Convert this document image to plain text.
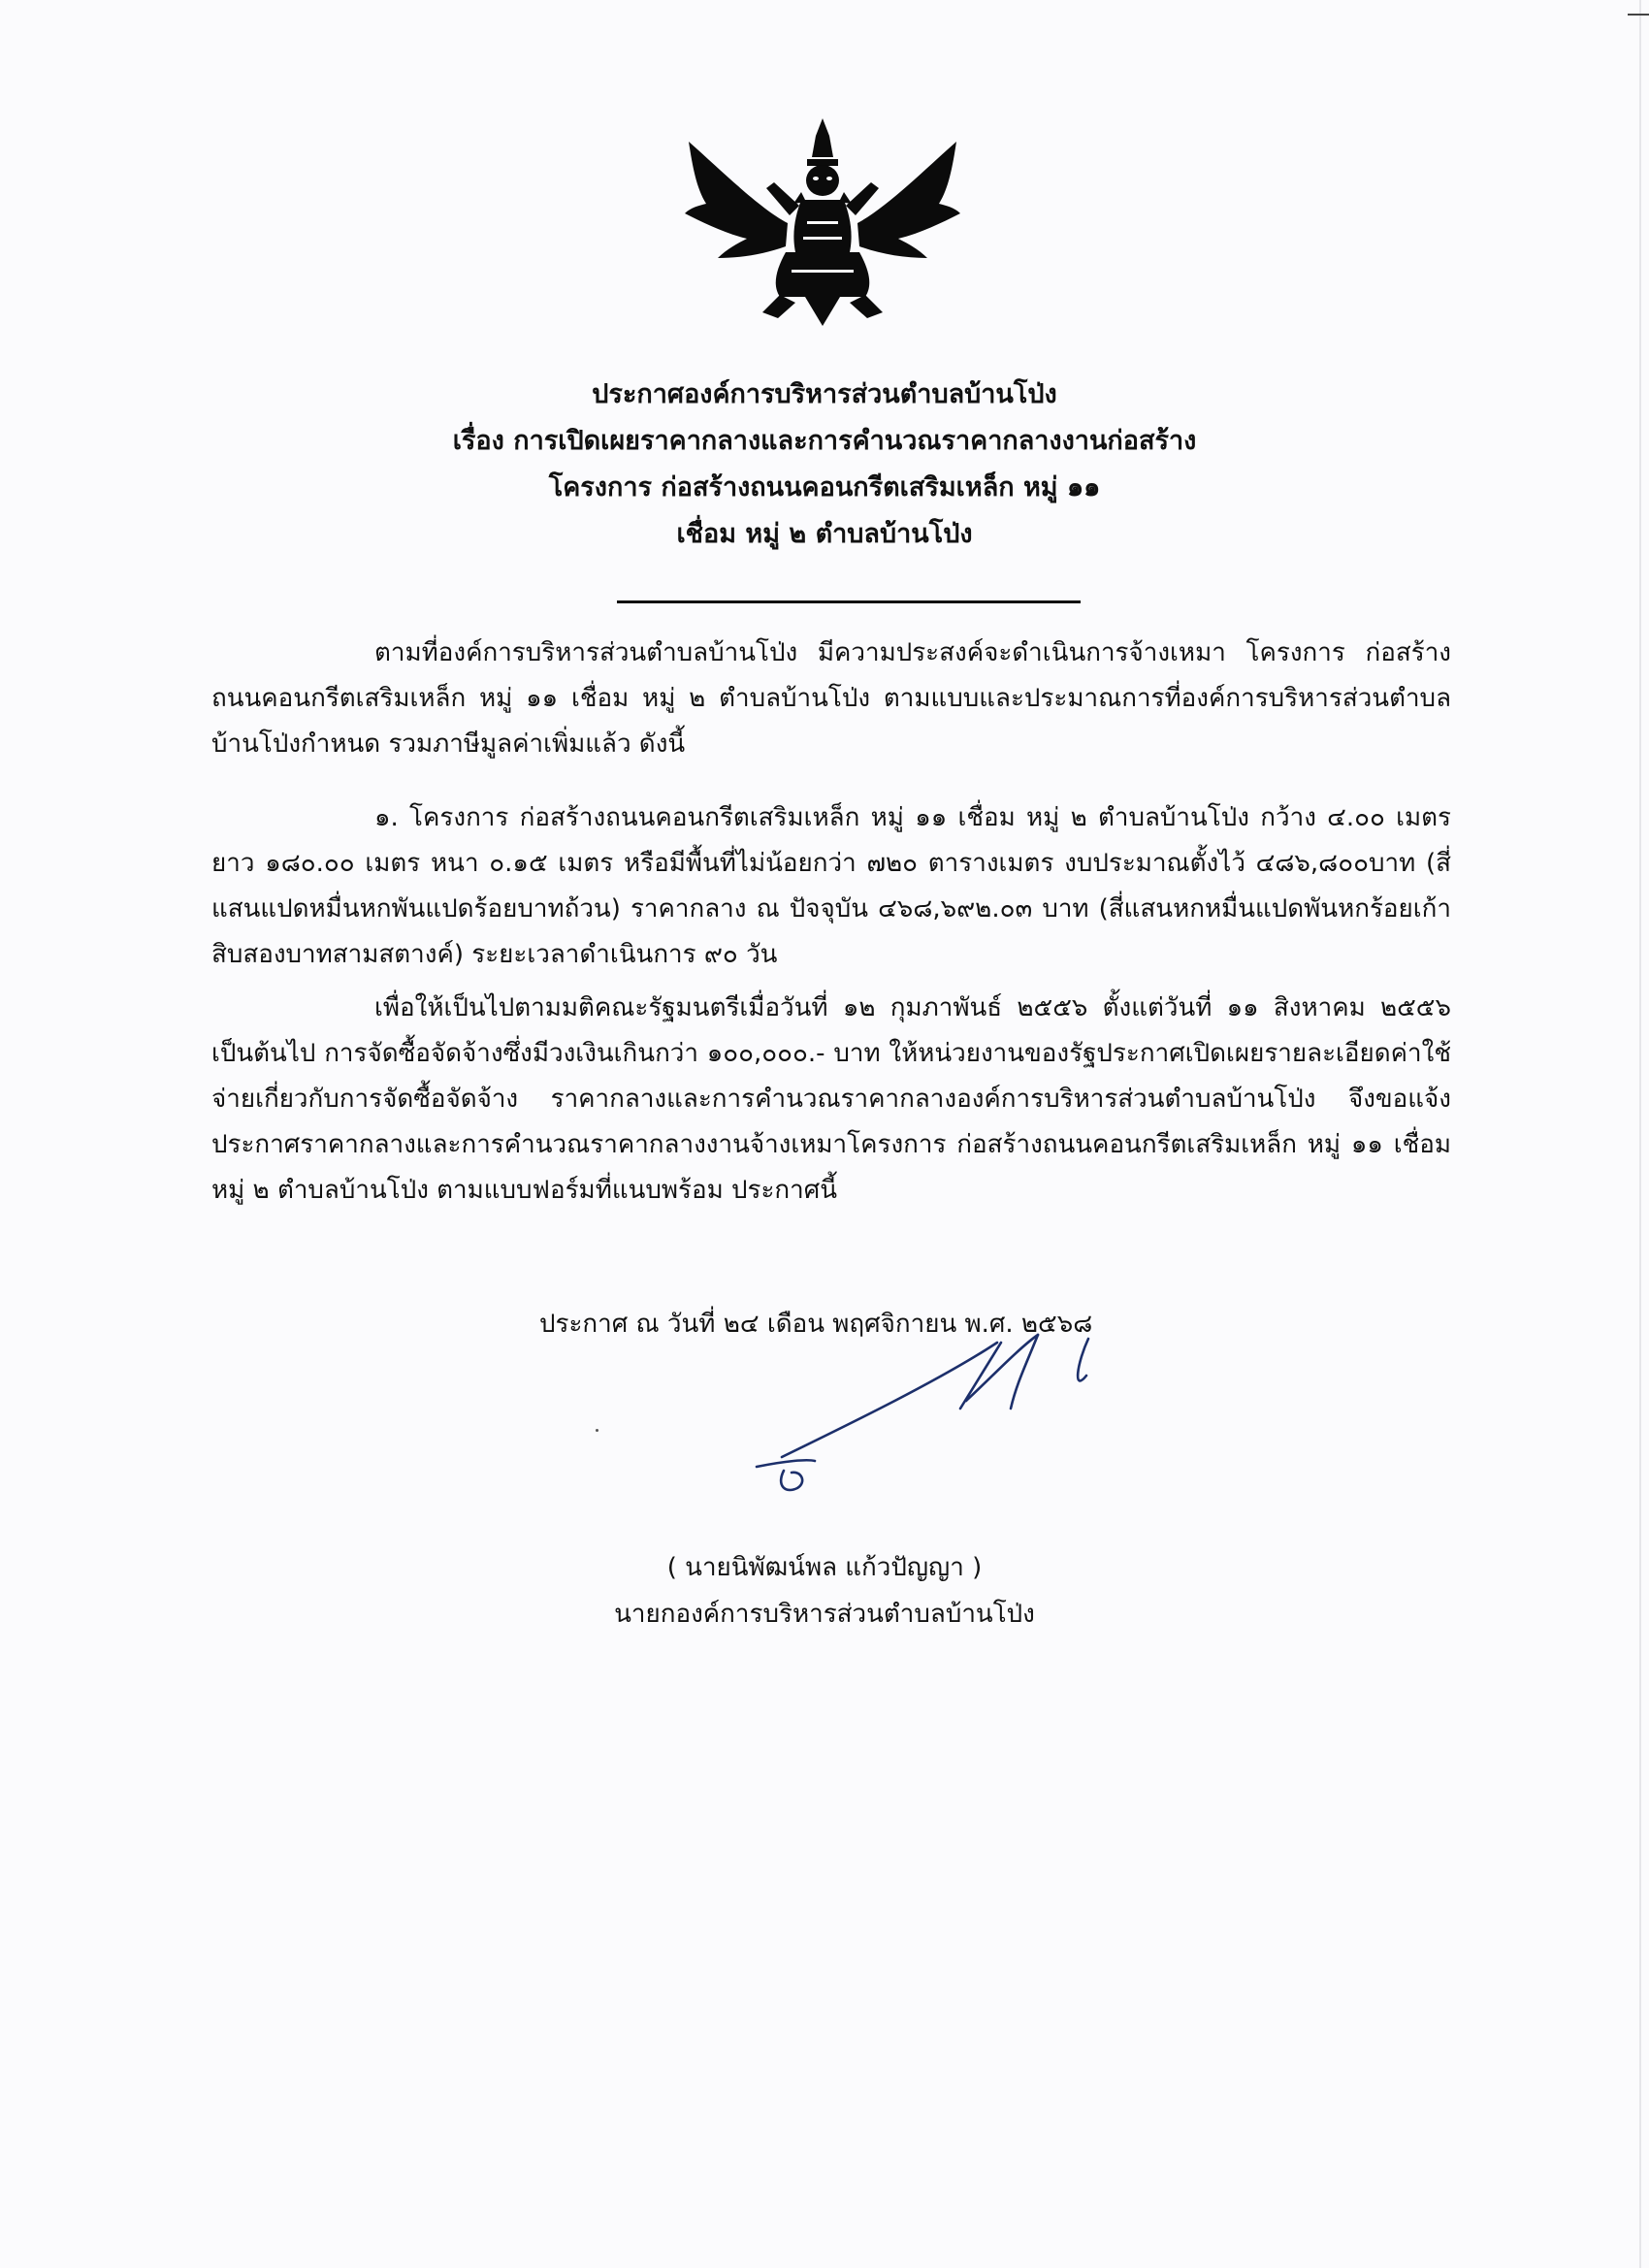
ประกาศองค์การบริหารส่วนตำบลบ้านโป่ง
เรื่อง การเปิดเผยราคากลางและการคำนวณราคากลางงานก่อสร้าง
โครงการ ก่อสร้างถนนคอนกรีตเสริมเหล็ก หมู่ ๑๑
เชื่อม หมู่ ๒ ตำบลบ้านโป่ง

ตามที่องค์การบริหารส่วนตำบลบ้านโป่ง มีความประสงค์จะดำเนินการจ้างเหมา โครงการ ก่อสร้างถนนคอนกรีตเสริมเหล็ก หมู่ ๑๑ เชื่อม หมู่ ๒ ตำบลบ้านโป่ง ตามแบบและประมาณการที่องค์การบริหารส่วนตำบลบ้านโป่งกำหนด รวมภาษีมูลค่าเพิ่มแล้ว ดังนี้

๑. โครงการ ก่อสร้างถนนคอนกรีตเสริมเหล็ก หมู่ ๑๑ เชื่อม หมู่ ๒ ตำบลบ้านโป่ง กว้าง ๔.๐๐ เมตร ยาว ๑๘๐.๐๐ เมตร หนา ๐.๑๕ เมตร หรือมีพื้นที่ไม่น้อยกว่า ๗๒๐ ตารางเมตร งบประมาณตั้งไว้ ๔๘๖,๘๐๐บาท (สี่แสนแปดหมื่นหกพันแปดร้อยบาทถ้วน) ราคากลาง ณ ปัจจุบัน ๔๖๘,๖๙๒.๐๓ บาท (สี่แสนหกหมื่นแปดพันหกร้อยเก้าสิบสองบาทสามสตางค์) ระยะเวลาดำเนินการ ๙๐ วัน

เพื่อให้เป็นไปตามมติคณะรัฐมนตรีเมื่อวันที่ ๑๒ กุมภาพันธ์ ๒๕๕๖ ตั้งแต่วันที่ ๑๑ สิงหาคม ๒๕๕๖ เป็นต้นไป การจัดซื้อจัดจ้างซึ่งมีวงเงินเกินกว่า ๑๐๐,๐๐๐.- บาท ให้หน่วยงานของรัฐประกาศเปิดเผยรายละเอียดค่าใช้จ่ายเกี่ยวกับการจัดซื้อจัดจ้าง ราคากลางและการคำนวณราคากลางองค์การบริหารส่วนตำบลบ้านโป่ง จึงขอแจ้งประกาศราคากลางและการคำนวณราคากลางงานจ้างเหมาโครงการ ก่อสร้างถนนคอนกรีตเสริมเหล็ก หมู่ ๑๑ เชื่อม หมู่ ๒ ตำบลบ้านโป่ง ตามแบบฟอร์มที่แนบพร้อม ประกาศนี้

ประกาศ ณ วันที่ ๒๔ เดือน พฤศจิกายน พ.ศ. ๒๕๖๘
( นายนิพัฒน์พล แก้วปัญญา )
นายกองค์การบริหารส่วนตำบลบ้านโป่ง
